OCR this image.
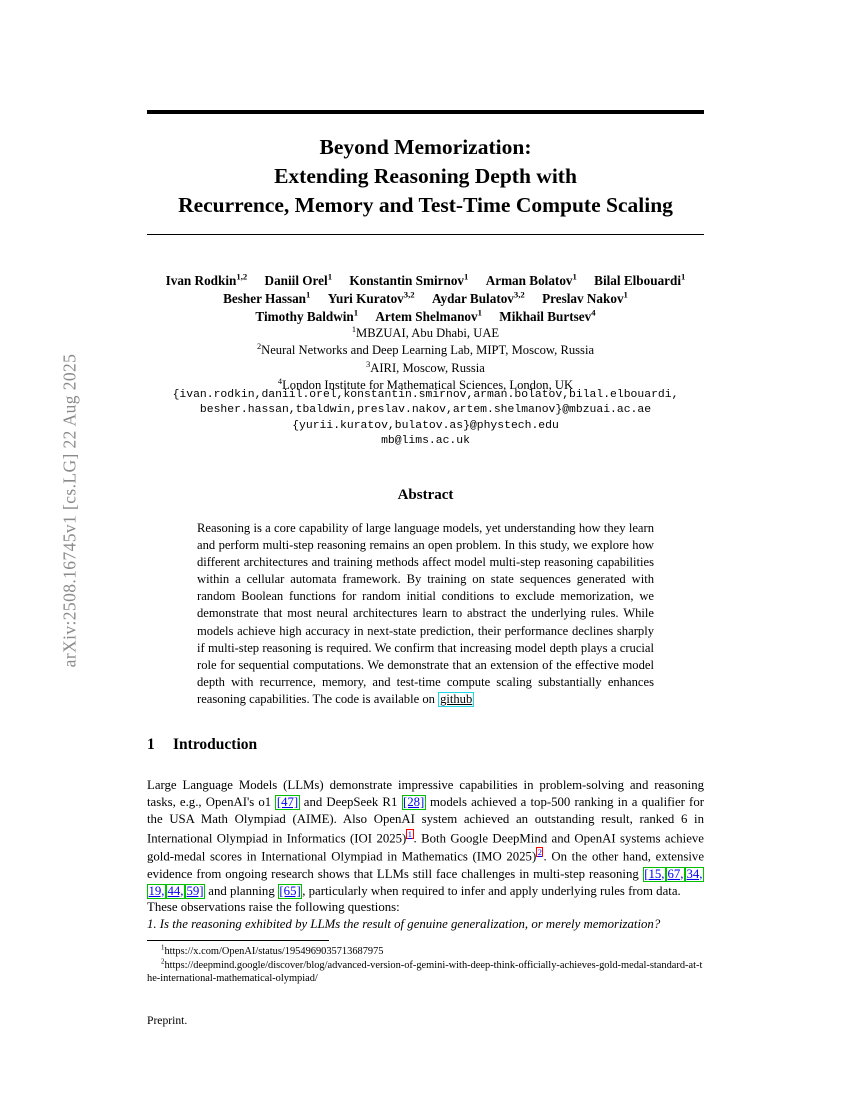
arXiv:2508.16745v1 [cs.LG] 22 Aug 2025
Beyond Memorization:
Extending Reasoning Depth with
Recurrence, Memory and Test-Time Compute Scaling
Ivan Rodkin$^{1,2}$ Daniil Orel$^1$ Konstantin Smirnov$^1$ Arman Bolatov$^1$ Bilal Elbouardi$^1$
Besher Hassan$^1$ Yuri Kuratov$^{3,2}$ Aydar Bulatov$^{3,2}$ Preslav Nakov$^1$
Timothy Baldwin$^1$ Artem Shelmanov$^1$ Mikhail Burtsev$^4$
$^1$MBZUAI, Abu Dhabi, UAE
$^2$Neural Networks and Deep Learning Lab, MIPT, Moscow, Russia
$^3$AIRI, Moscow, Russia
$^4$London Institute for Mathematical Sciences, London, UK
{ivan.rodkin,daniil.orel,konstantin.smirnov,arman.bolatov,bilal.elbouardi,
besher.hassan,tbaldwin,preslav.nakov,artem.shelmanov}@mbzuai.ac.ae
{yurii.kuratov,bulatov.as}@phystech.edu
mb@lims.ac.uk
Abstract
Reasoning is a core capability of large language models, yet understanding how they learn and perform multi-step reasoning remains an open problem. In this study, we explore how different architectures and training methods affect model multi-step reasoning capabilities within a cellular automata framework. By training on state sequences generated with random Boolean functions for random initial conditions to exclude memorization, we demonstrate that most neural architectures learn to abstract the underlying rules. While models achieve high accuracy in next-state prediction, their performance declines sharply if multi-step reasoning is required. We confirm that increasing model depth plays a crucial role for sequential computations. We demonstrate that an extension of the effective model depth with recurrence, memory, and test-time compute scaling substantially enhances reasoning capabilities. The code is available on github
1 Introduction
Large Language Models (LLMs) demonstrate impressive capabilities in problem-solving and reasoning tasks, e.g., OpenAI's o1 [47] and DeepSeek R1 [28] models achieved a top-500 ranking in a qualifier for the USA Math Olympiad (AIME). Also OpenAI system achieved an outstanding result, ranked 6 in International Olympiad in Informatics (IOI 2025) 1 . Both Google DeepMind and OpenAI systems achieve gold-medal scores in International Olympiad in Mathematics (IMO 2025) 2 . On the other hand, extensive evidence from ongoing research shows that LLMs still face challenges in multi-step reasoning [15, 67, 34,19, 44, 59] and planning [65] , particularly when required to infer and apply underlying rules from data.
These observations raise the following questions:
1. Is the reasoning exhibited by LLMs the result of genuine generalization, or merely memorization?
$^1$https://x.com/OpenAI/status/1954969035713687975
$^2$https://deepmind.google/discover/blog/advanced-version-of-gemini-with-deep-think-officially-achieves-gold-medal-standard-at-the-international-mathematical-olympiad/
Preprint.
